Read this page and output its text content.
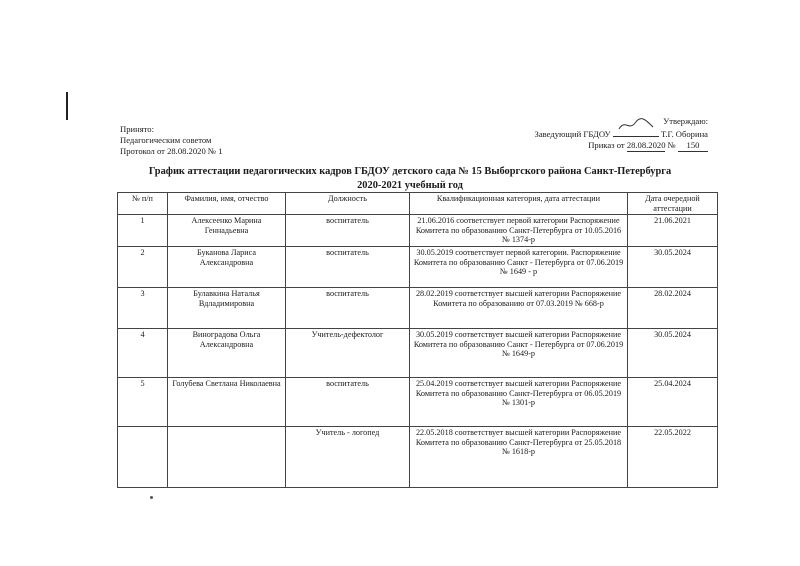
Принято:
Педагогическим советом
Протокол от 28.08.2020 № 1
Утверждаю:
Заведующий ГБДОУ	Т.Г. Оборина
Приказ от 28.08.2020 № 150
График аттестации педагогических кадров ГБДОУ детского сада № 15 Выборгского района Санкт-Петербурга
2020-2021 учебный год
№ п/п	Фамилия, имя, отчество	Должность	Квалификационная категория, дата аттестации	Дата очередной аттестации
1	Алексеенко Марина Геннадьевна	воспитатель	21.06.2016 соответствует первой категории Распоряжение Комитета по образованию Санкт-Петербурга от 10.05.2016 № 1374-р	21.06.2021
2	Буканова Лариса Александровна	воспитатель	30.05.2019 соответствует первой категории. Распоряжение Комитета по образованию Санкт - Петербурга от 07.06.2019 № 1649 - р	30.05.2024
3	Булавкина Наталья Вдладимировна	воспитатель	28.02.2019 соответствует высшей категории Распоряжение Комитета по образованию от 07.03.2019 № 668-р	28.02.2024
4	Виноградова Ольга Александровна	Учитель-дефектолог	30.05.2019 соответствует высшей категории Распоряжение Комитета по образованию Санкт - Петербурга от 07.06.2019 № 1649-р	30.05.2024
5	Голубева Светлана Николаевна	воспитатель	25.04.2019 соответствует высшей категории Распоряжение Комитета по образованию Санкт-Петербурга от 06.05.2019 № 1301-р	25.04.2024
		Учитель - логопед	22.05.2018 соответствует высшей категории Распоряжение Комитета по образованию Санкт-Петербурга от 25.05.2018 № 1618-р	22.05.2022
